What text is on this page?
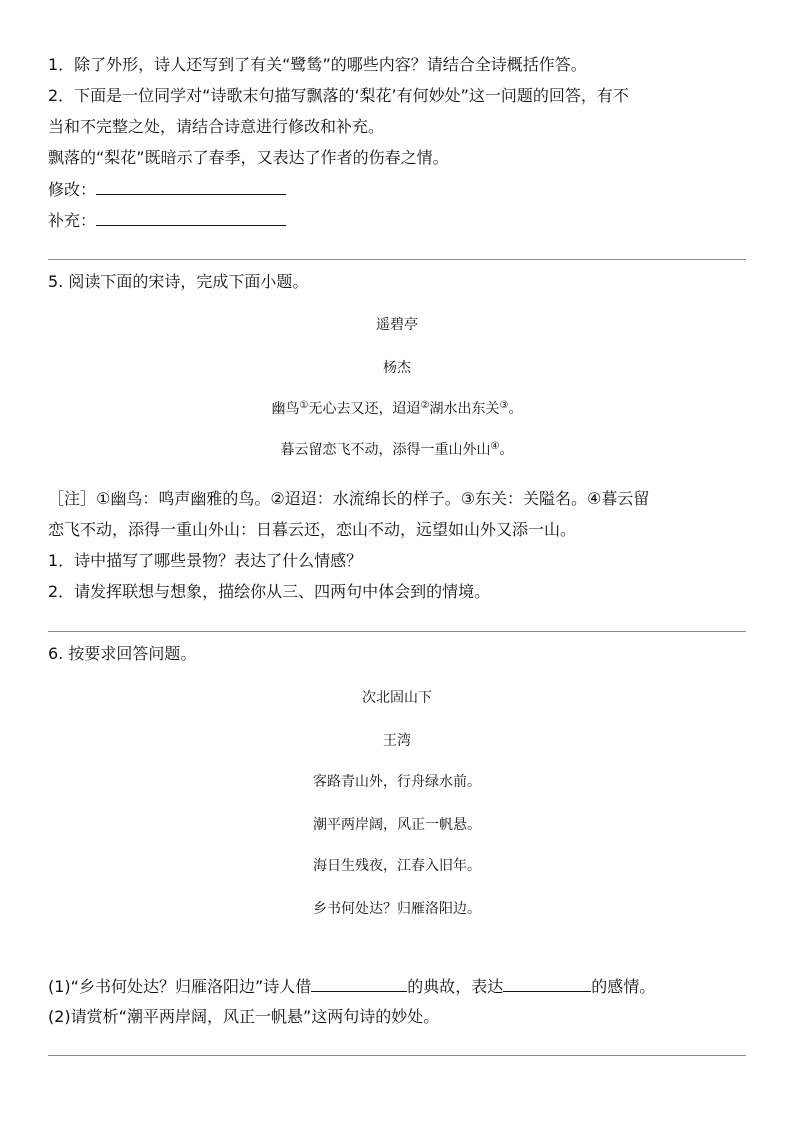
1．除了外形，诗人还写到了有关“鹭鸶”的哪些内容？请结合全诗概括作答。
2．下面是一位同学对“诗歌末句描写飘落的‘梨花’有何妙处”这一问题的回答，有不
当和不完整之处，请结合诗意进行修改和补充。
飘落的“梨花”既暗示了春季，又表达了作者的伤春之情。
修改：
补充：
5. 阅读下面的宋诗，完成下面小题。
遥碧亭
杨杰
幽鸟①无心去又还，迢迢②湖水出东关③。
暮云留恋飞不动，添得一重山外山④。
［注］①幽鸟：鸣声幽雅的鸟。②迢迢：水流绵长的样子。③东关：关隘名。④暮云留
恋飞不动，添得一重山外山：日暮云还，恋山不动，远望如山外又添一山。
1．诗中描写了哪些景物？表达了什么情感？
2．请发挥联想与想象，描绘你从三、四两句中体会到的情境。
6. 按要求回答问题。
次北固山下
王湾
客路青山外，行舟绿水前。
潮平两岸阔，风正一帆悬。
海日生残夜，江春入旧年。
乡书何处达？归雁洛阳边。
(1)“乡书何处达？归雁洛阳边”诗人借	的典故，表达	的感情。
(2)请赏析“潮平两岸阔，风正一帆悬”这两句诗的妙处。
